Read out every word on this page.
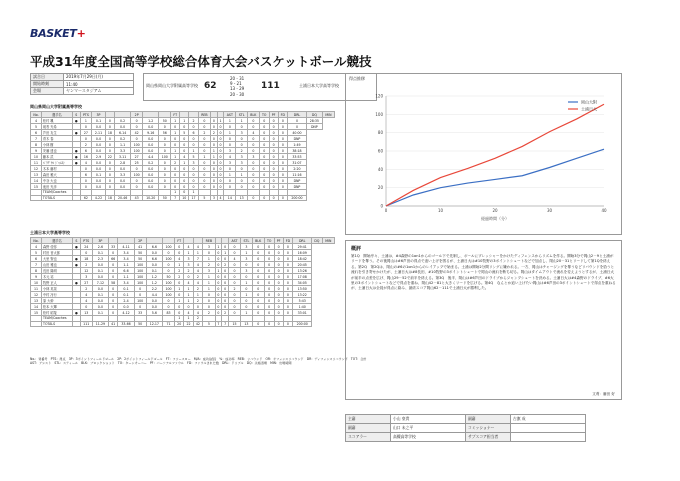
BASKET+
平成31年度全国高等学校総合体育大会バスケットボール競技
試合日	2019年7月29日(月)
開始時刻	11:40
会場	ヤンマースタジアム
岡山県岡山大学附属高等学校 62
20 - 31
9 - 21
13 - 29
20 - 30
111	土浦日本大学高等学校
岡山県岡山大学附属高等学校
No.	選手名	S	PTS	3P			2P			FT			REB			AST	STL	BLK	TO	PF	FD	DRL	DQ	MIN
4	松村 颯	●	1	0-1	0	0-2	0	1-2	50	1	1	2	0	0	1	1	1	0	0	0	0	0	28:35	
5	坂巻 光希		0	0-0	0	0-0	0	0-0	0	0	0	0	0	0	0	0	0	0	0	0	0	0	DNP	
6	芦田 友生	●	27	2-11	18	6-14	42	9-16	56	1	5	6	2	2	0	1	3	4	0	0	0	40:00		
7	青木 春		0	0-0	0	0-2	0	0-0	0	0	0	0	0	0	0	0	0	0	0	0	0	DNP		
8	小林 樹		2	0-0	0	1-1	100	0-0	0	0	0	0	0	0	0	0	0	0	0	0	0	1:49		
9	安藤 達也	●	6	0-0	0	3-3	100	0-0	0	1	0	1	0	1	0	3	2	0	0	0	0	38:18		
10	藤本 武	●	16	2-9	22	3-11	27	4-4	100	1	4	5	1	1	0	4	3	3	0	0	0	33:53		
11	ﾊﾞﾗｸﾞﾔﾙ ｼﾞｬﾑﾖﾝ	●	4	0-0	0	2-8	25	0-2	0	2	1	3	0	0	0	3	3	0	0	0	0	31:07		
12	木本 藤村		0	0-0	0	0-0	0	0-0	0	0	0	0	0	0	0	0	0	0	0	0	0	2:20		
13	森田 雅大		6	0-1	0	3-3	100	0-0	0	0	0	0	0	0	0	1	1	0	0	0	0	11:16		
14	中谷 大也		0	0-0	0	0-0	0	0-0	0	0	0	0	0	0	0	0	0	0	0	0	0	DNP		
15	池田 光彦		0	0-0	0	0-0	0	0-0	0	0	0	0	0	0	0	0	0	0	0	0	0	DNP		
	TEAM/Coaches									1	0	1												
	TOTALS		62	4-22	18	20-46	43	10-20	50	7	10	17	5	3	4	14	13	0	0	0	0	200:00		
土浦日本大学高等学校
No.	選手名	S	PTS	3P			2P			FT			REB			AST	STL	BLK	TO	PF	FD	DRL	DQ	MIN
4	森野 佳弥	●	24	2-6	33	4-11	41	6-6	100	0	4	4	3	1	0	0	3	0	0	0	0	29:41		
5	村田 晋太郎		0	0-1	0	3-4	50	0-0	0	0	1	1	0	0	1	0	1	0	0	0	0	16:09		
6	大里 聖也	●	18	2-3	66	3-4	50	6-6	100	4	3	7	1	0	0	4	3	0	0	0	0	18:42		
7	山田 雅也	●	2	0-0	0	1-1	100	0-0	0	1	3	4	2	0	2	0	0	0	0	0	0	20:45		
8	長田 隆明		12	0-1	0	6-6	100	0-1	0	2	2	4	3	1	0	0	3	0	0	0	0	13:26		
9	木元 祐		3	0-0	0	1-1	100	1-2	50	2	0	2	1	0	0	0	0	0	0	0	0	17:08		
10	牧野 正人	●	27	7-12	58	3-4	100	1-2	100	0	4	4	1	0	0	0	1	0	0	0	0	34:05		
11	小林 英晃		2	0-0	0	0-1	0	2-2	100	1	1	2	1	0	0	2	0	0	0	0	0	13:50		
12	中村 冴行		4	0-1	0	0-1	0	4-4	100	0	1	1	0	0	0	0	1	0	0	0	0	13:22		
13	原 大幹		4	0-0	0	2-4	100	0-0	0	1	1	2	0	0	0	0	0	0	0	0	0	5:43		
14	松本 大輝		0	0-0	0	0-0	0	0-0	0	0	0	0	0	0	0	0	0	0	0	0	0	1:40		
15	松村 昭斐	●	13	0-1	0	4-12	33	5-6	83	0	4	4	2	0	2	0	1	0	0	0	0	33:01		
	TEAM/Coaches									1	1	2												
	TOTALS		111	11-29	41	33-66	50	12-17	71	20	22	42	5	7	7	15	13	0	0	0	0	200:00		
No.：背番号　PTS：得点　3P：3ポイントフィールドゴール　2P：2ポイントフィールドゴール　FT：フリースロー　M/A：成功/試投　%：成功率　REB：リバウンド　OR：オフェンスリバウンド　DR：ディフェンスリバウンド　TOT：合計　AST：アシスト　STL：スティール　BLK：ブロックショット　TO：ターンオーバー　PF：パーソナルファウル　FD：ファウルされた数　DRL：ドリブル　DQ：失格退場　MIN：出場時間
得点推移
0
20
40
60
80
100
120
0	10	20	30	40
経過時間（分）
岡山大附
土浦日大
概評
第1Q　開始序々、土浦は、#4森野の1on1からのゴール下で先制し、ボールにプレッシャーをかけたディフェンスからリズムを作る。開始3分で岡山2－9と土浦がリードを奪う。その後岡山は#6芦田の得点で追い上げを図るが、土浦日大は#10牧野の3ポイントシュートなどで加点し、岡山20－31とリードして第1Qを終える。第2Q　第2Qは、岡山の#6の1on1からのレイアップで始まる。土浦は開始2分間リングに嫌われる。一方、岡山はチャージングを奪うなどリバウンドを拾うと流れを引き寄せかけたが、土浦日大は#8長田、#10牧野の3ポイントシュートで岡山の流れを断ち切る。岡山はタイムアウトで流れを変えようとするが、土浦日大が前半の点差を広げ、岡山29－52で前半を終える。第3Q　後半、岡山は#6芦田のドライブからジャンプシュートを決める。土浦日大は#4森野のドライブ、#6大里の3ポイントシュートなどで得点を重ね、岡山42－81と大きくリードを広げる。第4Q　なんとか追い上げたい岡山は#6芦田の3ポイントシュートで得点を重ねるが、土浦日大は全員が得点に絡み、最終スコア岡山62－111で土浦日大が勝利した。
文責：藤田 好
主審	小山 豪貴	副審	古旗 成
副審	山口 未之平	コミッショナー	
スコアラー	高槻高等学校	サブスコア担当者	
